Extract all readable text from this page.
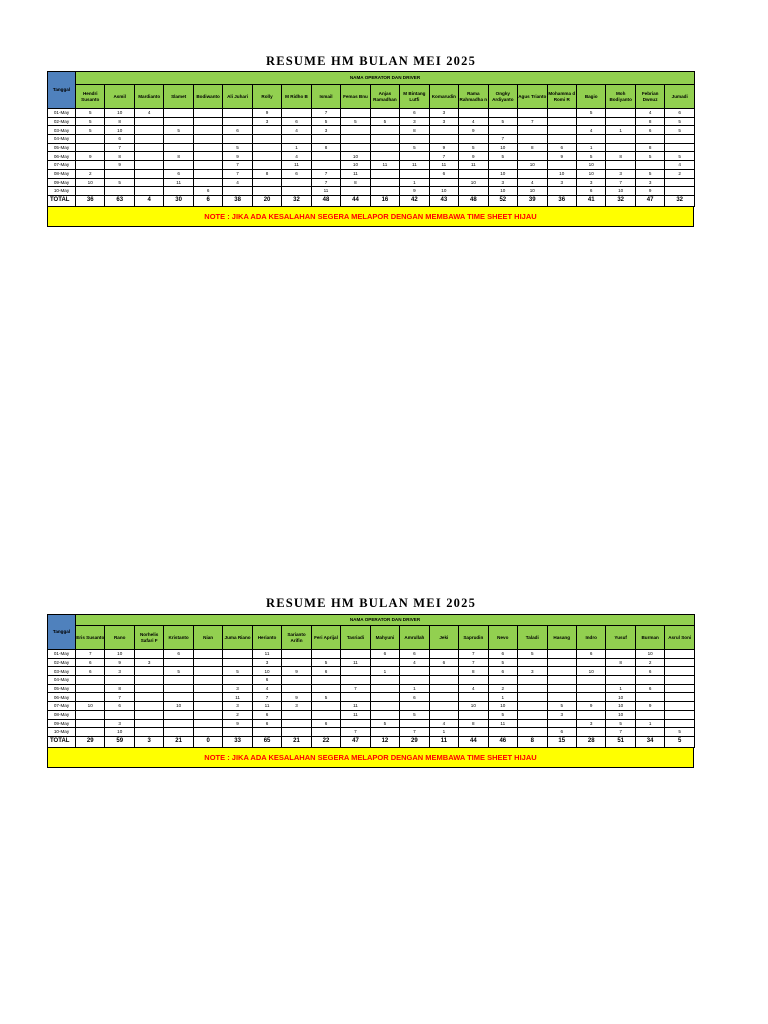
RESUME HM BULAN MEI 2025
Tanggal	NAMA OPERATOR DAN DRIVER																					
	Hendri Susanto	Asmil	Mardianto	Slamet	Bodiwanto	Ali Juhari	Rolly	M Ridho B	Ismail	Femas Bnu	Anjas Ramadhan	M Bintang Lutfi	Komarudin	Rama Rahmadha n	Ongky Ardiyanto	Agus Trianto	Mohamma d Romi R	Bagio	Moh Bodiyanto	Febrian Dwnuz	Jumadi	
01-May	5	10	4				9		7			6	3					5		4	6	
02-May	5	8					3	6	5	5	5	3	3	4	5	7				8	5	
03-May	5	10		5		6		4	3			8		9				4	1	6	5	
04-May		6													7							
05-May		7				5		1	8			5	9	5	10	8	6	1		8		
06-May	9	8		8		9		4		10			7	9	5		9	5	8	5	5	
07-May		9				7		11		10	11	11	11	11		10		10			4	
08-May	2			6		7	8	6	7	11			6		10		10	10	3	5	2	
09-May	10	5		11		4			7	8		1		10	3	4	3	3	7	3		
10-May					6				11			9	10		10	10		6	10	9		
TOTAL	36	63	4	30	6	38	20	32	48	44	16	42	43	48	52	39	36	41	32	47	32	
NOTE : JIKA ADA KESALAHAN SEGERA MELAPOR DENGAN MEMBAWA TIME SHEET HIJAU
RESUME HM BULAN MEI 2025
Tanggal	NAMA OPERATOR DAN DRIVER																				
	Eris Susanto	Rano	Norhelis Safari F	Kristanto	Nian	Juma Riano	Herianto	Sarianto Arifin	Feri Aprijal	Tasriadi	Mahyuni	Amrullah	Jeki	Saprudin	Nevo	Taladi	Hasang	Indro	Yusuf	Burman	Asrul Soni
01-May	7	10		6			11				6	6		7	6	5		6		10	
02-May	6	9	3				3		5	11		4	6	7	5				8	2	
03-May	6	3		5		5	10	9	6		1			8	6	3		10		6	
04-May							6														
05-May		8				3	4			7		1		4	2				1	6	
06-May		7				11	7	9	5			6			1				10		
07-May	10	6		10		3	11	3		11				10	10		5	9	10	9	
08-May						2	6			11		5			5		3		10		
09-May		3				9	6		6		5		4	8	11			3	5	1	
10-May		10								7		7	1				6		7		5
TOTAL	29	59	3	21	0	33	65	21	22	47	12	29	11	44	46	8	15	28	51	34	5
NOTE : JIKA ADA KESALAHAN SEGERA MELAPOR DENGAN MEMBAWA TIME SHEET HIJAU
